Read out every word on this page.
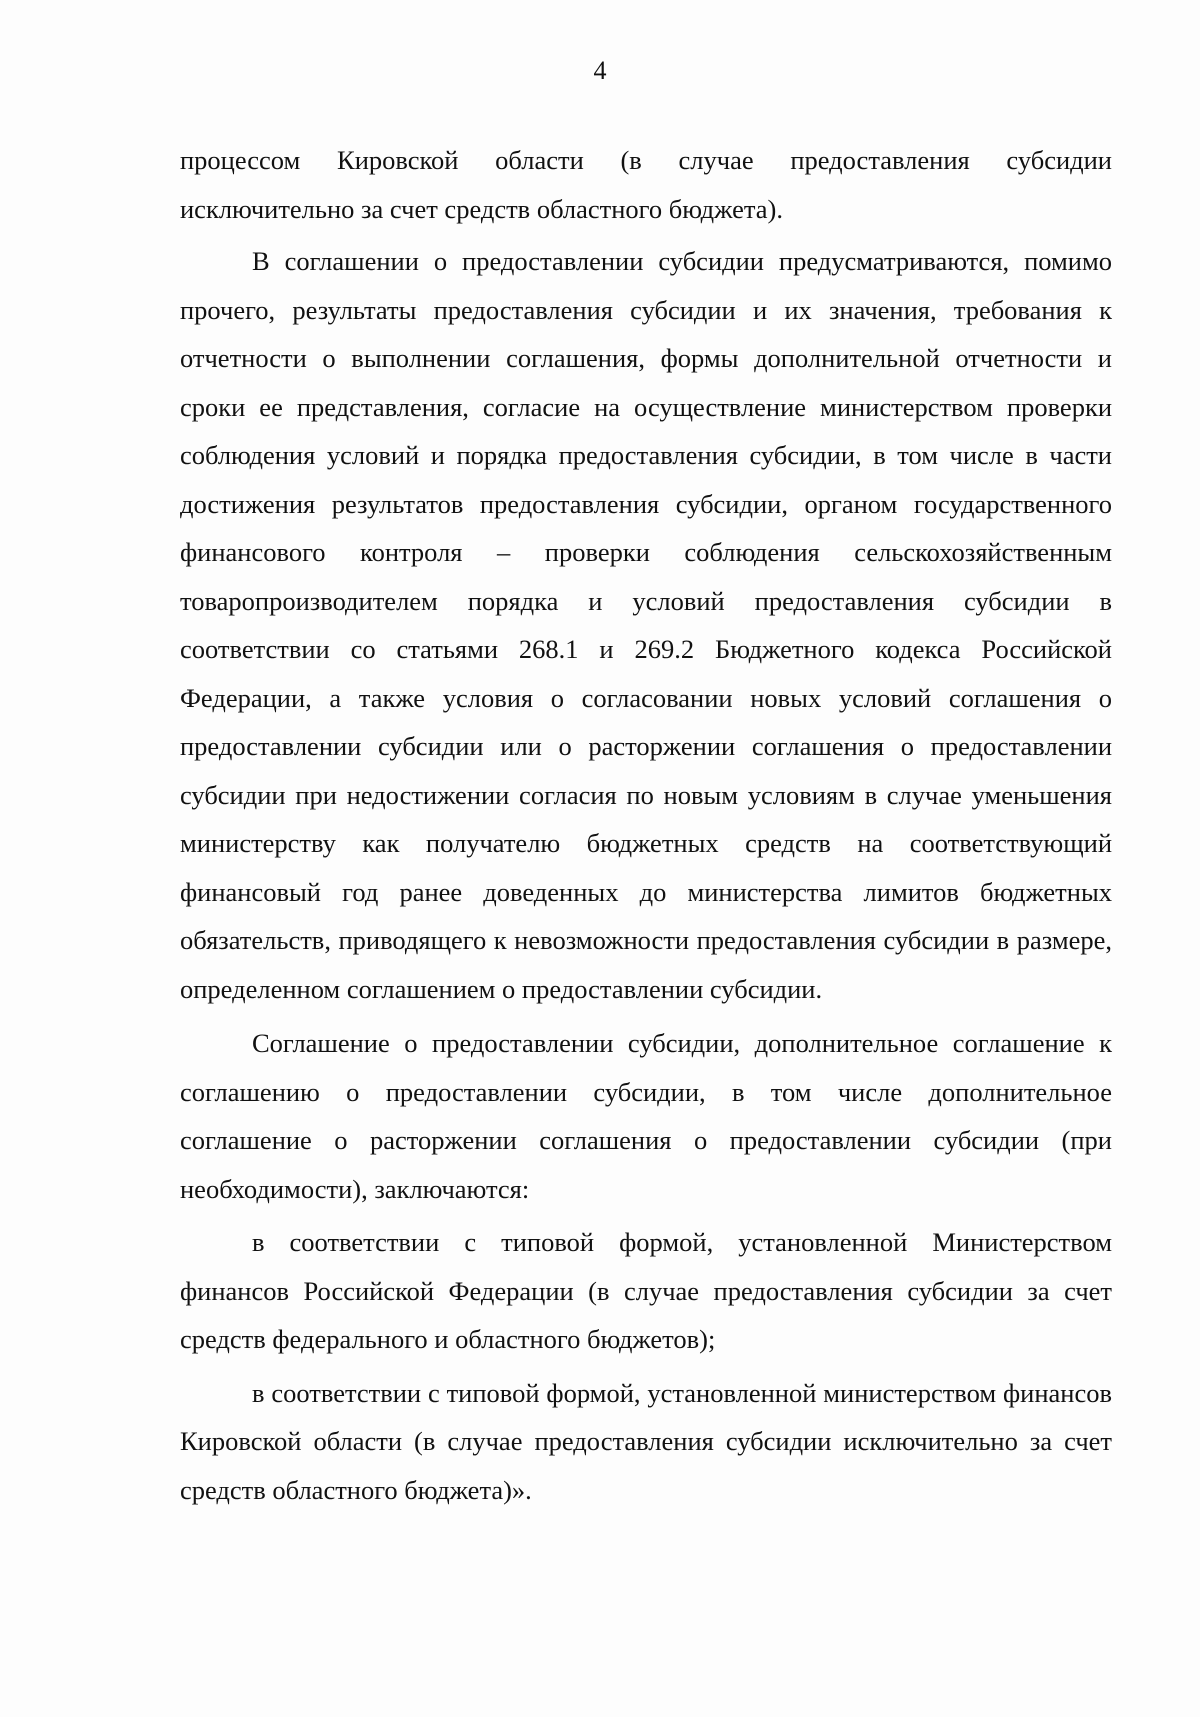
4

процессом Кировской области (в случае предоставления субсидии исключительно за счет средств областного бюджета).

В соглашении о предоставлении субсидии предусматриваются, помимо прочего, результаты предоставления субсидии и их значения, требования к отчетности о выполнении соглашения, формы дополнительной отчетности и сроки ее представления, согласие на осуществление министерством проверки соблюдения условий и порядка предоставления субсидии, в том числе в части достижения результатов предоставления субсидии, органом государственного финансового контроля – проверки соблюдения сельскохозяйственным товаропроизводителем порядка и условий предоставления субсидии в соответствии со статьями 268.1 и 269.2 Бюджетного кодекса Российской Федерации, а также условия о согласовании новых условий соглашения о предоставлении субсидии или о расторжении соглашения о предоставлении субсидии при недостижении согласия по новым условиям в случае уменьшения министерству как получателю бюджетных средств на соответствующий финансовый год ранее доведенных до министерства лимитов бюджетных обязательств, приводящего к невозможности предоставления субсидии в размере, определенном соглашением о предоставлении субсидии.

Соглашение о предоставлении субсидии, дополнительное соглашение к соглашению о предоставлении субсидии, в том числе дополнительное соглашение о расторжении соглашения о предоставлении субсидии (при необходимости), заключаются:

в соответствии с типовой формой, установленной Министерством финансов Российской Федерации (в случае предоставления субсидии за счет средств федерального и областного бюджетов);

в соответствии с типовой формой, установленной министерством финансов Кировской области (в случае предоставления субсидии исключительно за счет средств областного бюджета)».
